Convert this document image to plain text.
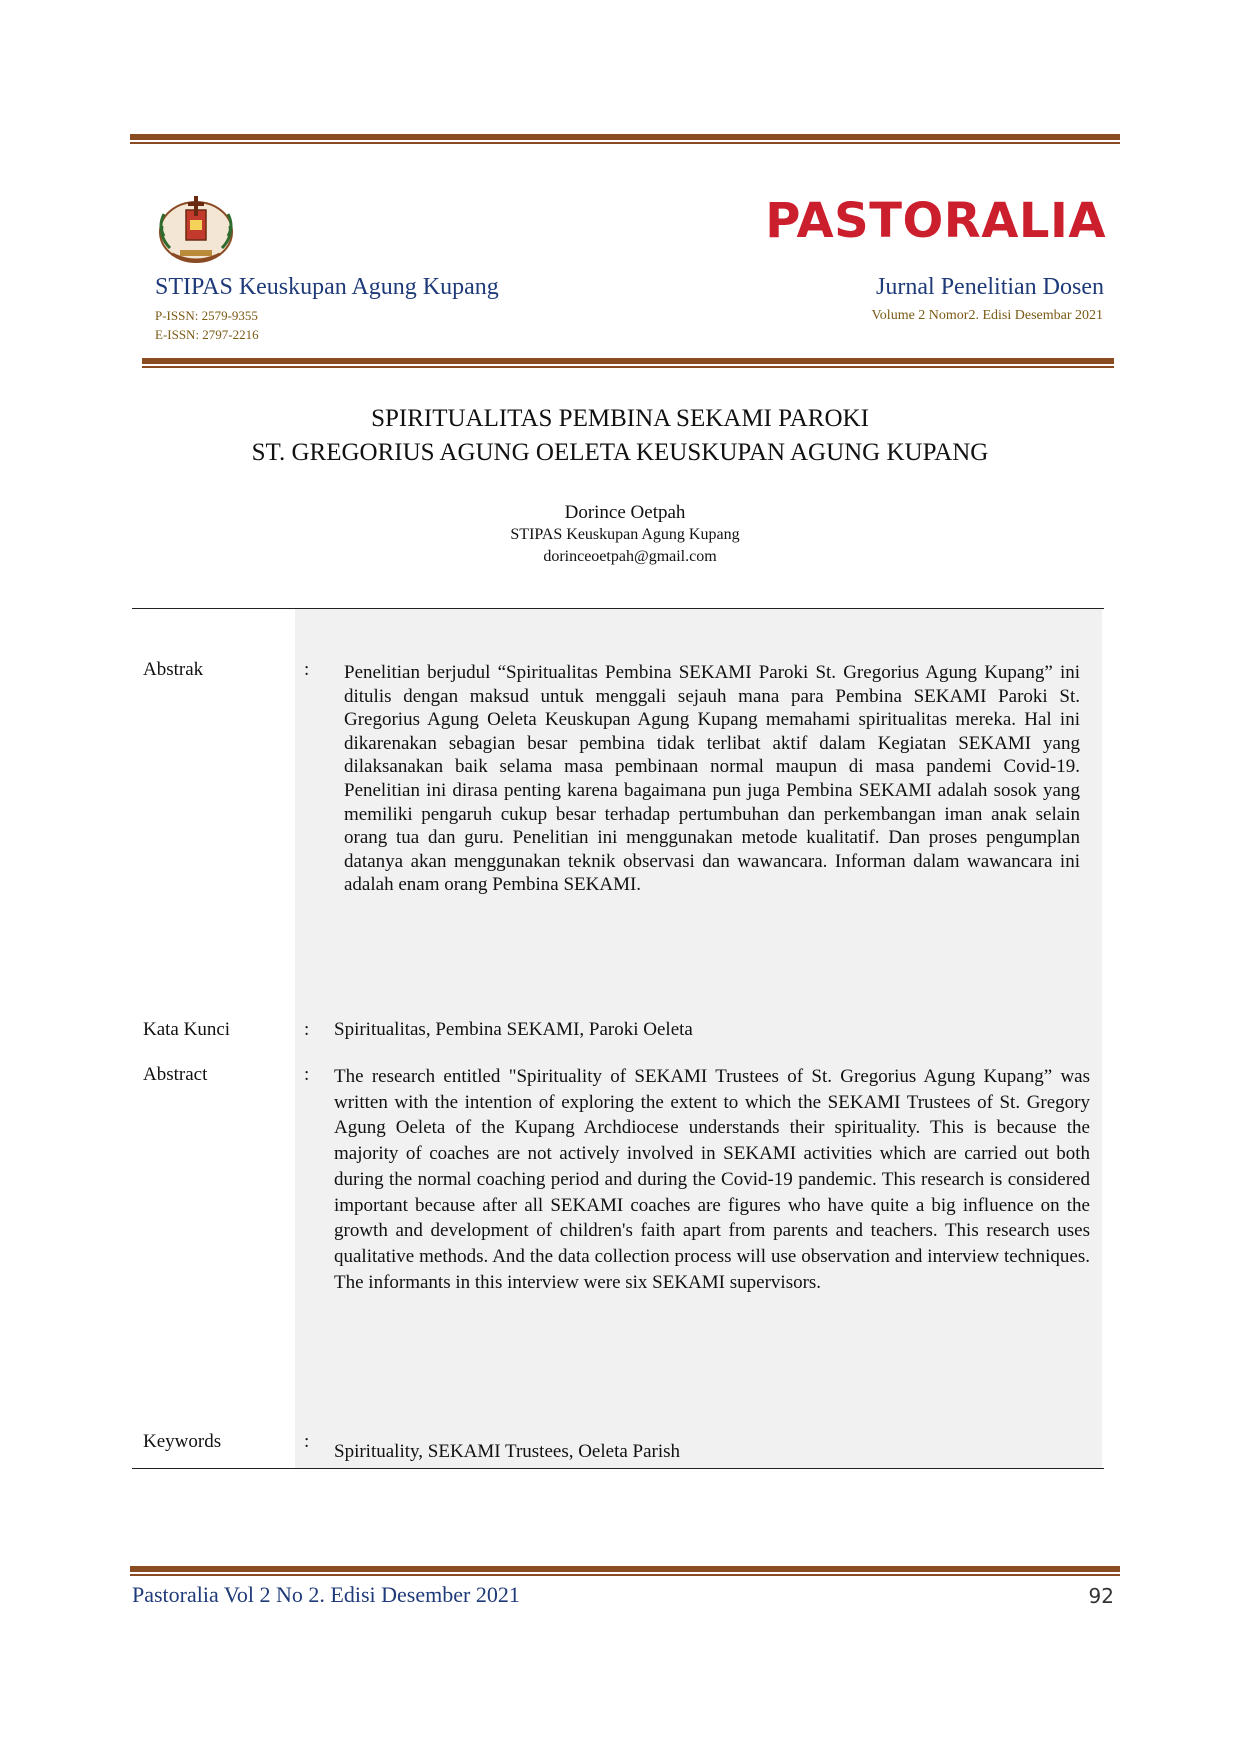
STIPAS Keuskupan Agung Kupang
P-ISSN: 2579-9355
E-ISSN: 2797-2216
PASTORALIA
Jurnal Penelitian Dosen
Volume 2 Nomor2. Edisi Desembar 2021
SPIRITUALITAS PEMBINA SEKAMI PAROKI
ST. GREGORIUS AGUNG OELETA KEUSKUPAN AGUNG KUPANG
Dorince Oetpah
STIPAS Keuskupan Agung Kupang
dorinceoetpah@gmail.com
Abstrak	: Penelitian berjudul “Spiritualitas Pembina SEKAMI Paroki St. Gregorius Agung Kupang” ini ditulis dengan maksud untuk menggali sejauh mana para Pembina SEKAMI Paroki St. Gregorius Agung Oeleta Keuskupan Agung Kupang memahami spiritualitas mereka. Hal ini dikarenakan sebagian besar pembina tidak terlibat aktif dalam Kegiatan SEKAMI yang dilaksanakan baik selama masa pembinaan normal maupun di masa pandemi Covid-19. Penelitian ini dirasa penting karena bagaimana pun juga Pembina SEKAMI adalah sosok yang memiliki pengaruh cukup besar terhadap pertumbuhan dan perkembangan iman anak selain orang tua dan guru. Penelitian ini menggunakan metode kualitatif. Dan proses pengumplan datanya akan menggunakan teknik observasi dan wawancara. Informan dalam wawancara ini adalah enam orang Pembina SEKAMI.
Kata Kunci	: Spiritualitas, Pembina SEKAMI, Paroki Oeleta
Abstract	: The research entitled "Spirituality of SEKAMI Trustees of St. Gregorius Agung Kupang” was written with the intention of exploring the extent to which the SEKAMI Trustees of St. Gregory Agung Oeleta of the Kupang Archdiocese understands their spirituality. This is because the majority of coaches are not actively involved in SEKAMI activities which are carried out both during the normal coaching period and during the Covid-19 pandemic. This research is considered important because after all SEKAMI coaches are figures who have quite a big influence on the growth and development of children's faith apart from parents and teachers. This research uses qualitative methods. And the data collection process will use observation and interview techniques. The informants in this interview were six SEKAMI supervisors.
Keywords	: Spirituality, SEKAMI Trustees, Oeleta Parish
Pastoralia Vol 2 No 2. Edisi Desember 2021	92
